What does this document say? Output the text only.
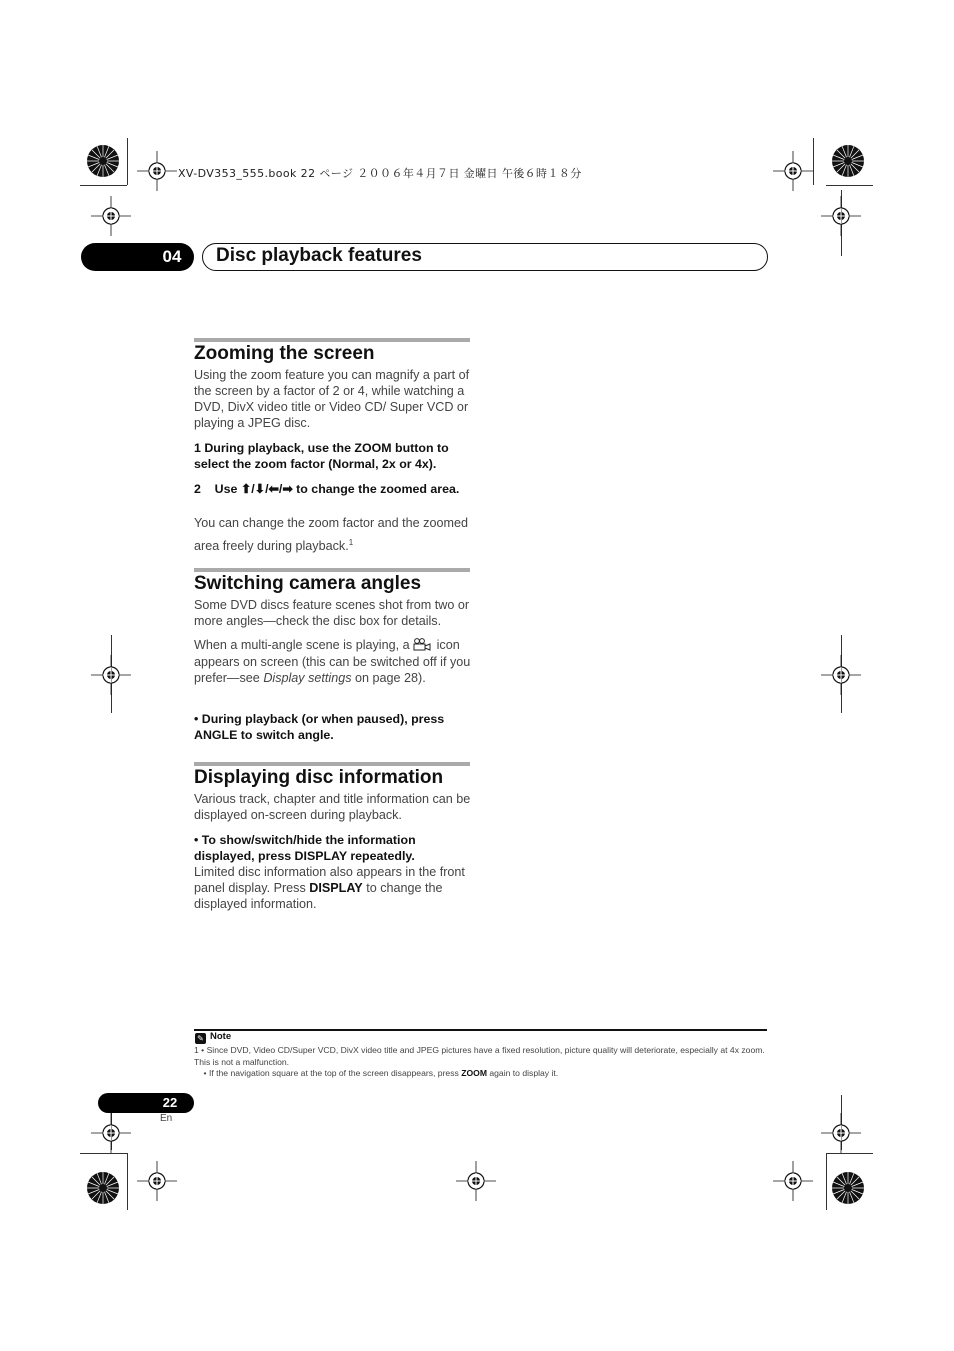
XV-DV353_555.book 22 ページ ２００６年４月７日 金曜日 午後６時１８分
04	Disc playback features
Zooming the screen
Using the zoom feature you can magnify a part of the screen by a factor of 2 or 4, while watching a DVD, DivX video title or Video CD/ Super VCD or playing a JPEG disc.
1 During playback, use the ZOOM button to select the zoom factor (Normal, 2x or 4x).
2    Use ⬆/⬇/⬅/➡ to change the zoomed area.
You can change the zoom factor and the zoomed area freely during playback.$^1$
Switching camera angles
Some DVD discs feature scenes shot from two or more angles—check the disc box for details.
When a multi-angle scene is playing, a icon appears on screen (this can be switched off if you prefer—see Display settings on page 28).
• During playback (or when paused), press ANGLE to switch angle.
Displaying disc information
Various track, chapter and title information can be displayed on-screen during playback.
• To show/switch/hide the information displayed, press DISPLAY repeatedly.
Limited disc information also appears in the front panel display. Press DISPLAY to change the displayed information.
✎ Note
1 • Since DVD, Video CD/Super VCD, DivX video title and JPEG pictures have a fixed resolution, picture quality will deteriorate, especially at 4x zoom. This is not a malfunction.
• If the navigation square at the top of the screen disappears, press ZOOM again to display it.
22
En
